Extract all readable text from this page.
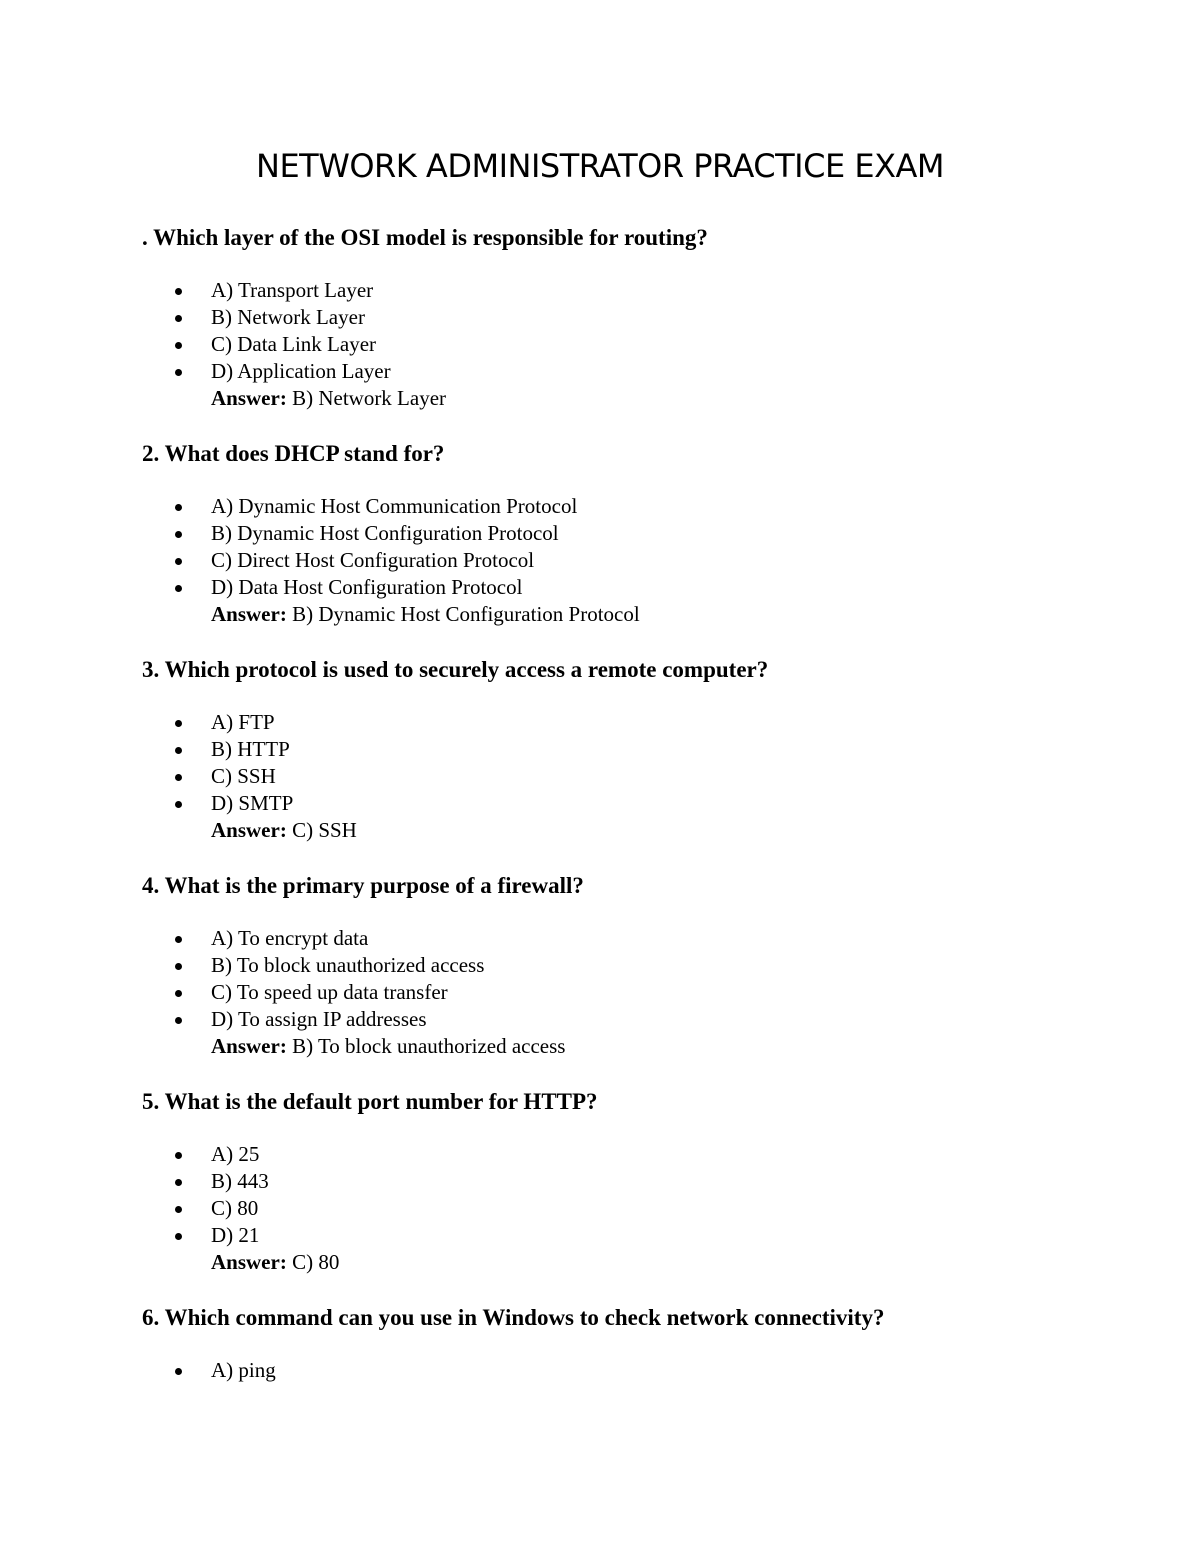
NETWORK ADMINISTRATOR PRACTICE EXAM
. Which layer of the OSI model is responsible for routing?
A) Transport Layer
B) Network Layer
C) Data Link Layer
D) Application Layer
Answer: B) Network Layer
2. What does DHCP stand for?
A) Dynamic Host Communication Protocol
B) Dynamic Host Configuration Protocol
C) Direct Host Configuration Protocol
D) Data Host Configuration Protocol
Answer: B) Dynamic Host Configuration Protocol
3. Which protocol is used to securely access a remote computer?
A) FTP
B) HTTP
C) SSH
D) SMTP
Answer: C) SSH
4. What is the primary purpose of a firewall?
A) To encrypt data
B) To block unauthorized access
C) To speed up data transfer
D) To assign IP addresses
Answer: B) To block unauthorized access
5. What is the default port number for HTTP?
A) 25
B) 443
C) 80
D) 21
Answer: C) 80
6. Which command can you use in Windows to check network connectivity?
A) ping
